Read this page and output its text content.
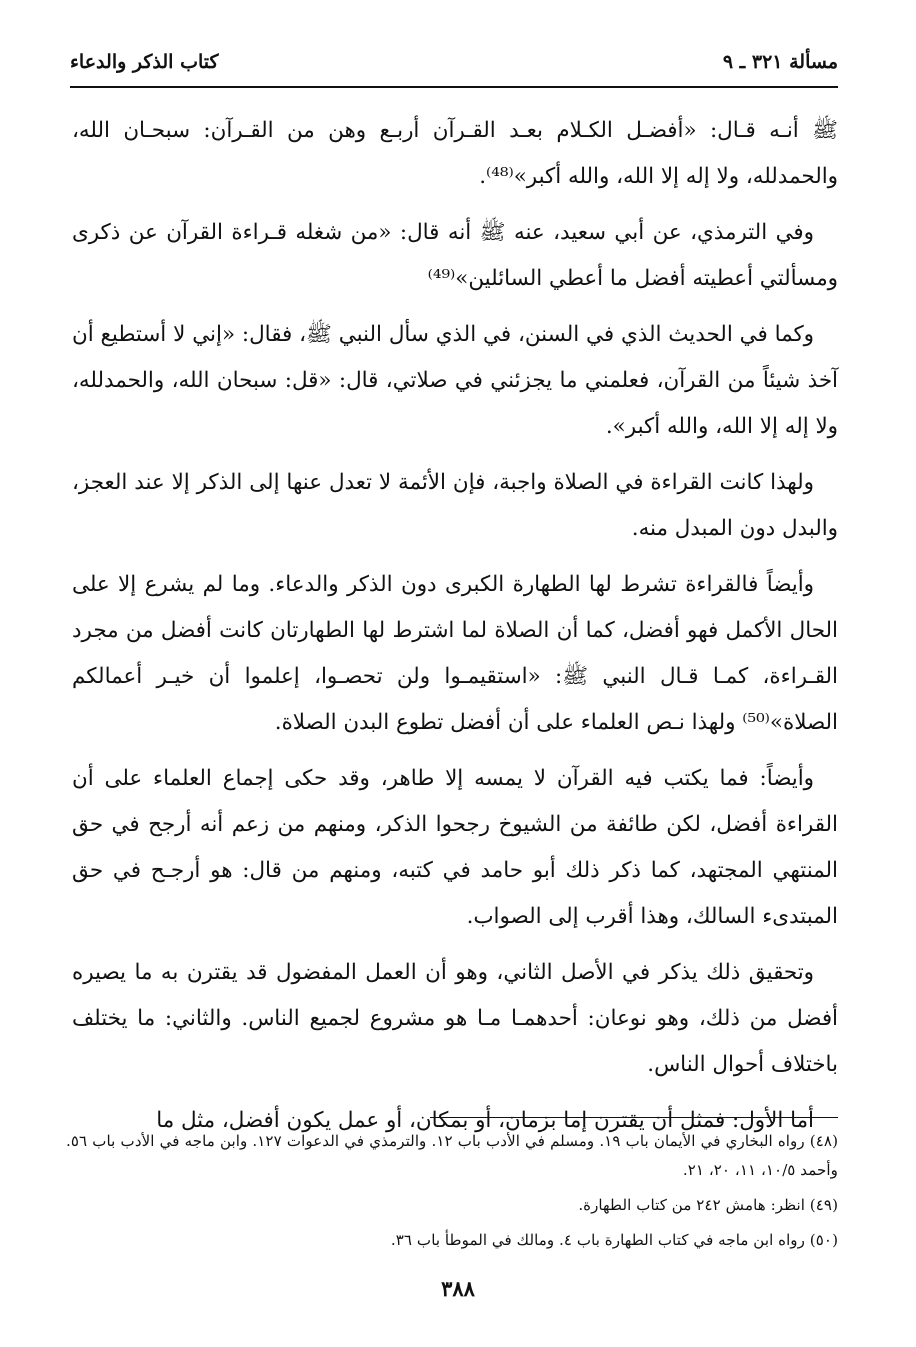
مسألة ٣٢١ ـ ٩
كتاب الذكر والدعاء

ﷺ أنـه قـال: «أفضـل الكـلام بعـد القـرآن أربـع وهن من القـرآن: سبحـان الله، والحمدلله، ولا إله إلا الله، والله أكبر»⁽⁴⁸⁾.

وفي الترمذي، عن أبي سعيد، عنه ﷺ أنه قال: «من شغله قـراءة القرآن عن ذكرى ومسألتي أعطيته أفضل ما أعطي السائلين»⁽⁴⁹⁾

وكما في الحديث الذي في السنن، في الذي سأل النبي ﷺ، فقال: «إني لا أستطيع أن آخذ شيئاً من القرآن، فعلمني ما يجزئني في صلاتي، قال: «قل: سبحان الله، والحمدلله، ولا إله إلا الله، والله أكبر».

ولهذا كانت القراءة في الصلاة واجبة، فإن الأئمة لا تعدل عنها إلى الذكر إلا عند العجز، والبدل دون المبدل منه.

وأيضاً فالقراءة تشرط لها الطهارة الكبرى دون الذكر والدعاء. وما لم يشرع إلا على الحال الأكمل فهو أفضل، كما أن الصلاة لما اشترط لها الطهارتان كانت أفضل من مجرد القـراءة، كمـا قـال النبي ﷺ: «استقيمـوا ولن تحصـوا، إعلموا أن خيـر أعمالكم الصلاة»⁽⁵⁰⁾ ولهذا نـص العلماء على أن أفضل تطوع البدن الصلاة.

وأيضاً: فما يكتب فيه القرآن لا يمسه إلا طاهر، وقد حكى إجماع العلماء على أن القراءة أفضل، لكن طائفة من الشيوخ رجحوا الذكر، ومنهم من زعم أنه أرجح في حق المنتهي المجتهد، كما ذكر ذلك أبو حامد في كتبه، ومنهم من قال: هو أرجـح في حق المبتدىء السالك، وهذا أقرب إلى الصواب.

وتحقيق ذلك يذكر في الأصل الثاني، وهو أن العمل المفضول قد يقترن به ما يصيره أفضل من ذلك، وهو نوعان: أحدهمـا مـا هو مشروع لجميع الناس. والثاني: ما يختلف باختلاف أحوال الناس.

أما الأول: فمثل أن يقترن إما بزمان، أو بمكان، أو عمل يكون أفضل، مثل ما

(٤٨) رواه البخاري في الأيمان باب ١٩. ومسلم في الأدب باب ١٢. والترمذي في الدعوات ١٢٧. وابن ماجه في الأدب باب ٥٦. وأحمد ١٠/٥، ١١، ٢٠، ٢١.

(٤٩) انظر: هامش ٢٤٢ من كتاب الطهارة.

(٥٠) رواه ابن ماجه في كتاب الطهارة باب ٤. ومالك في الموطأ باب ٣٦.

٣٨٨
